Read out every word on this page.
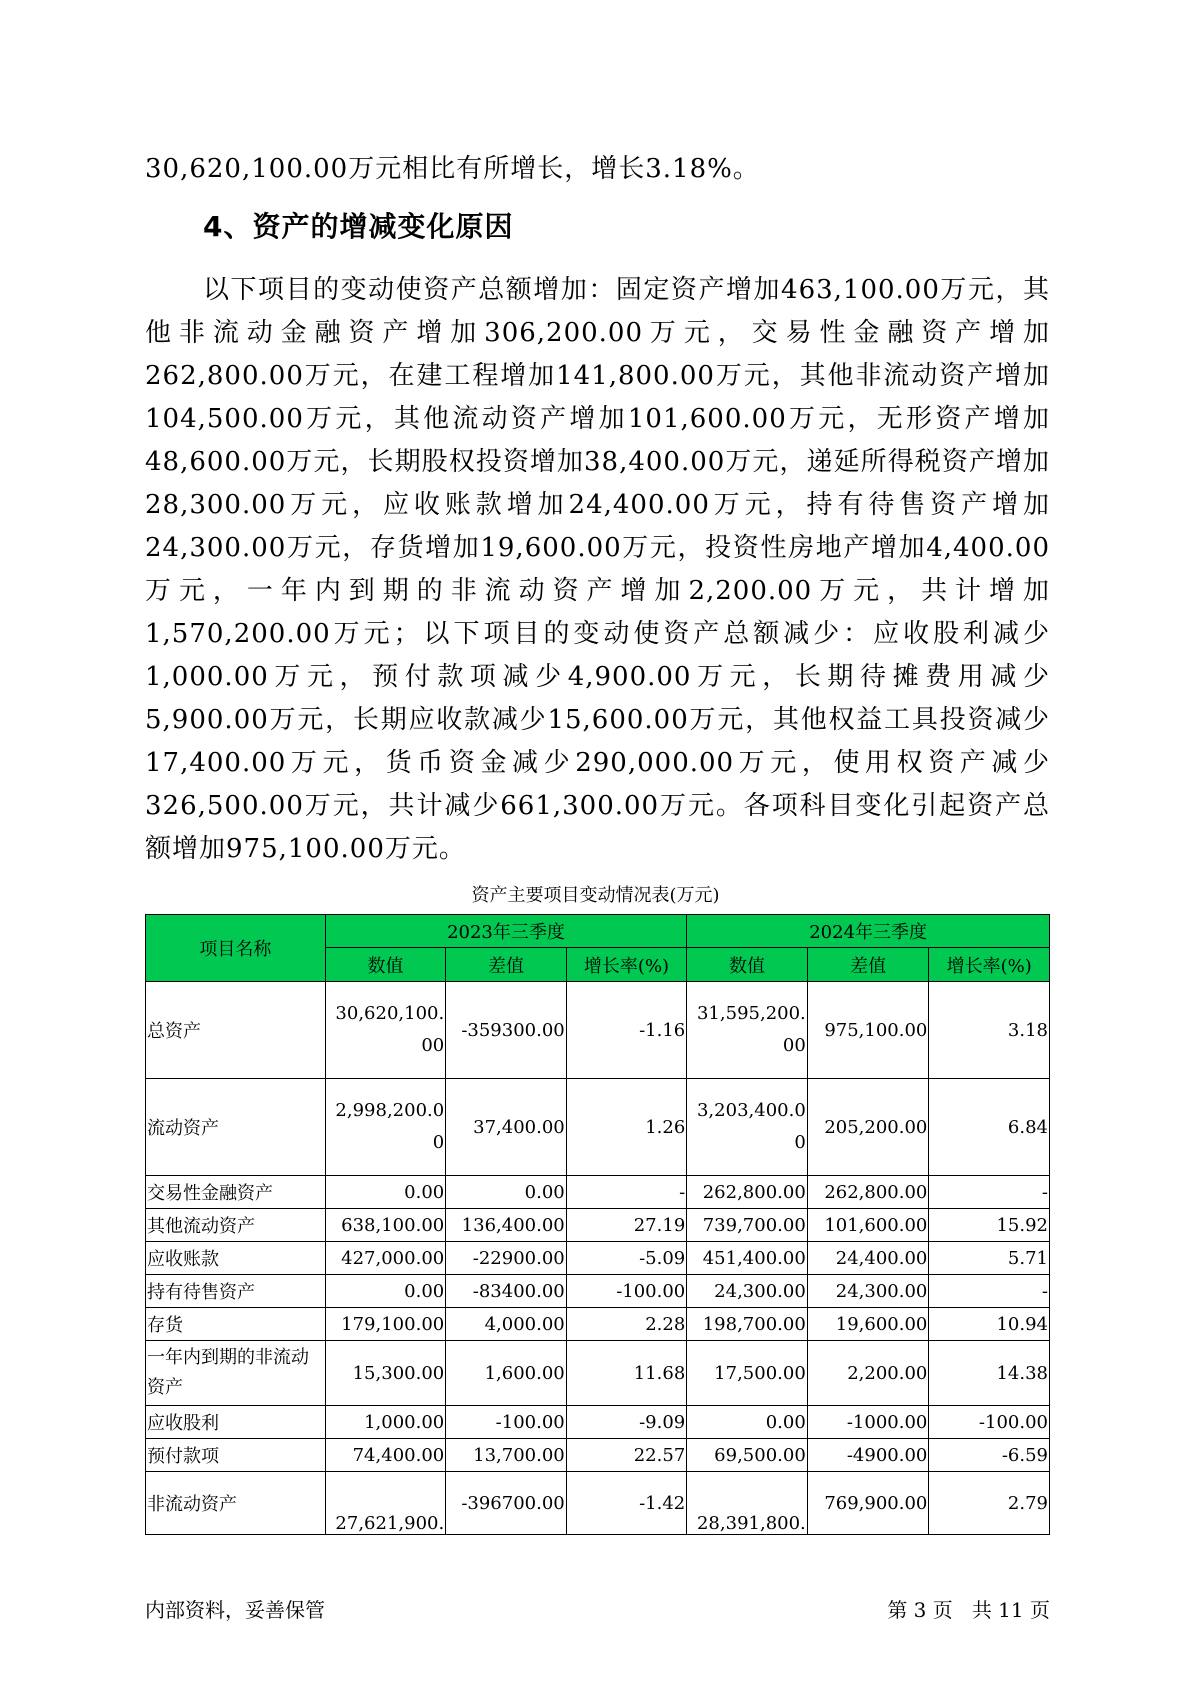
30,620,100.00万元相比有所增长，增长3.18%。
4、资产的增减变化原因
以下项目的变动使资产总额增加：固定资产增加463,100.00万元，其他非流动金融资产增加306,200.00万元，交易性金融资产增加262,800.00万元，在建工程增加141,800.00万元，其他非流动资产增加104,500.00万元，其他流动资产增加101,600.00万元，无形资产增加48,600.00万元，长期股权投资增加38,400.00万元，递延所得税资产增加28,300.00万元，应收账款增加24,400.00万元，持有待售资产增加24,300.00万元，存货增加19,600.00万元，投资性房地产增加4,400.00万元，一年内到期的非流动资产增加2,200.00万元，共计增加1,570,200.00万元；以下项目的变动使资产总额减少：应收股利减少1,000.00万元，预付款项减少4,900.00万元，长期待摊费用减少5,900.00万元，长期应收款减少15,600.00万元，其他权益工具投资减少17,400.00万元，货币资金减少290,000.00万元，使用权资产减少326,500.00万元，共计减少661,300.00万元。各项科目变化引起资产总额增加975,100.00万元。
资产主要项目变动情况表(万元)
项目名称	2023年三季度			2024年三季度		
	数值	差值	增长率(%)	数值	差值	增长率(%)
总资产	30,620,100.00	-359300.00	-1.16	31,595,200.00	975,100.00	3.18
流动资产	2,998,200.00	37,400.00	1.26	3,203,400.00	205,200.00	6.84
交易性金融资产	0.00	0.00	-	262,800.00	262,800.00	-
其他流动资产	638,100.00	136,400.00	27.19	739,700.00	101,600.00	15.92
应收账款	427,000.00	-22900.00	-5.09	451,400.00	24,400.00	5.71
持有待售资产	0.00	-83400.00	-100.00	24,300.00	24,300.00	-
存货	179,100.00	4,000.00	2.28	198,700.00	19,600.00	10.94
一年内到期的非流动资产	15,300.00	1,600.00	11.68	17,500.00	2,200.00	14.38
应收股利	1,000.00	-100.00	-9.09	0.00	-1000.00	-100.00
预付款项	74,400.00	13,700.00	22.57	69,500.00	-4900.00	-6.59
非流动资产	27,621,900.	-396700.00	-1.42	28,391,800.	769,900.00	2.79
内部资料，妥善保管	第 3 页   共 11 页
